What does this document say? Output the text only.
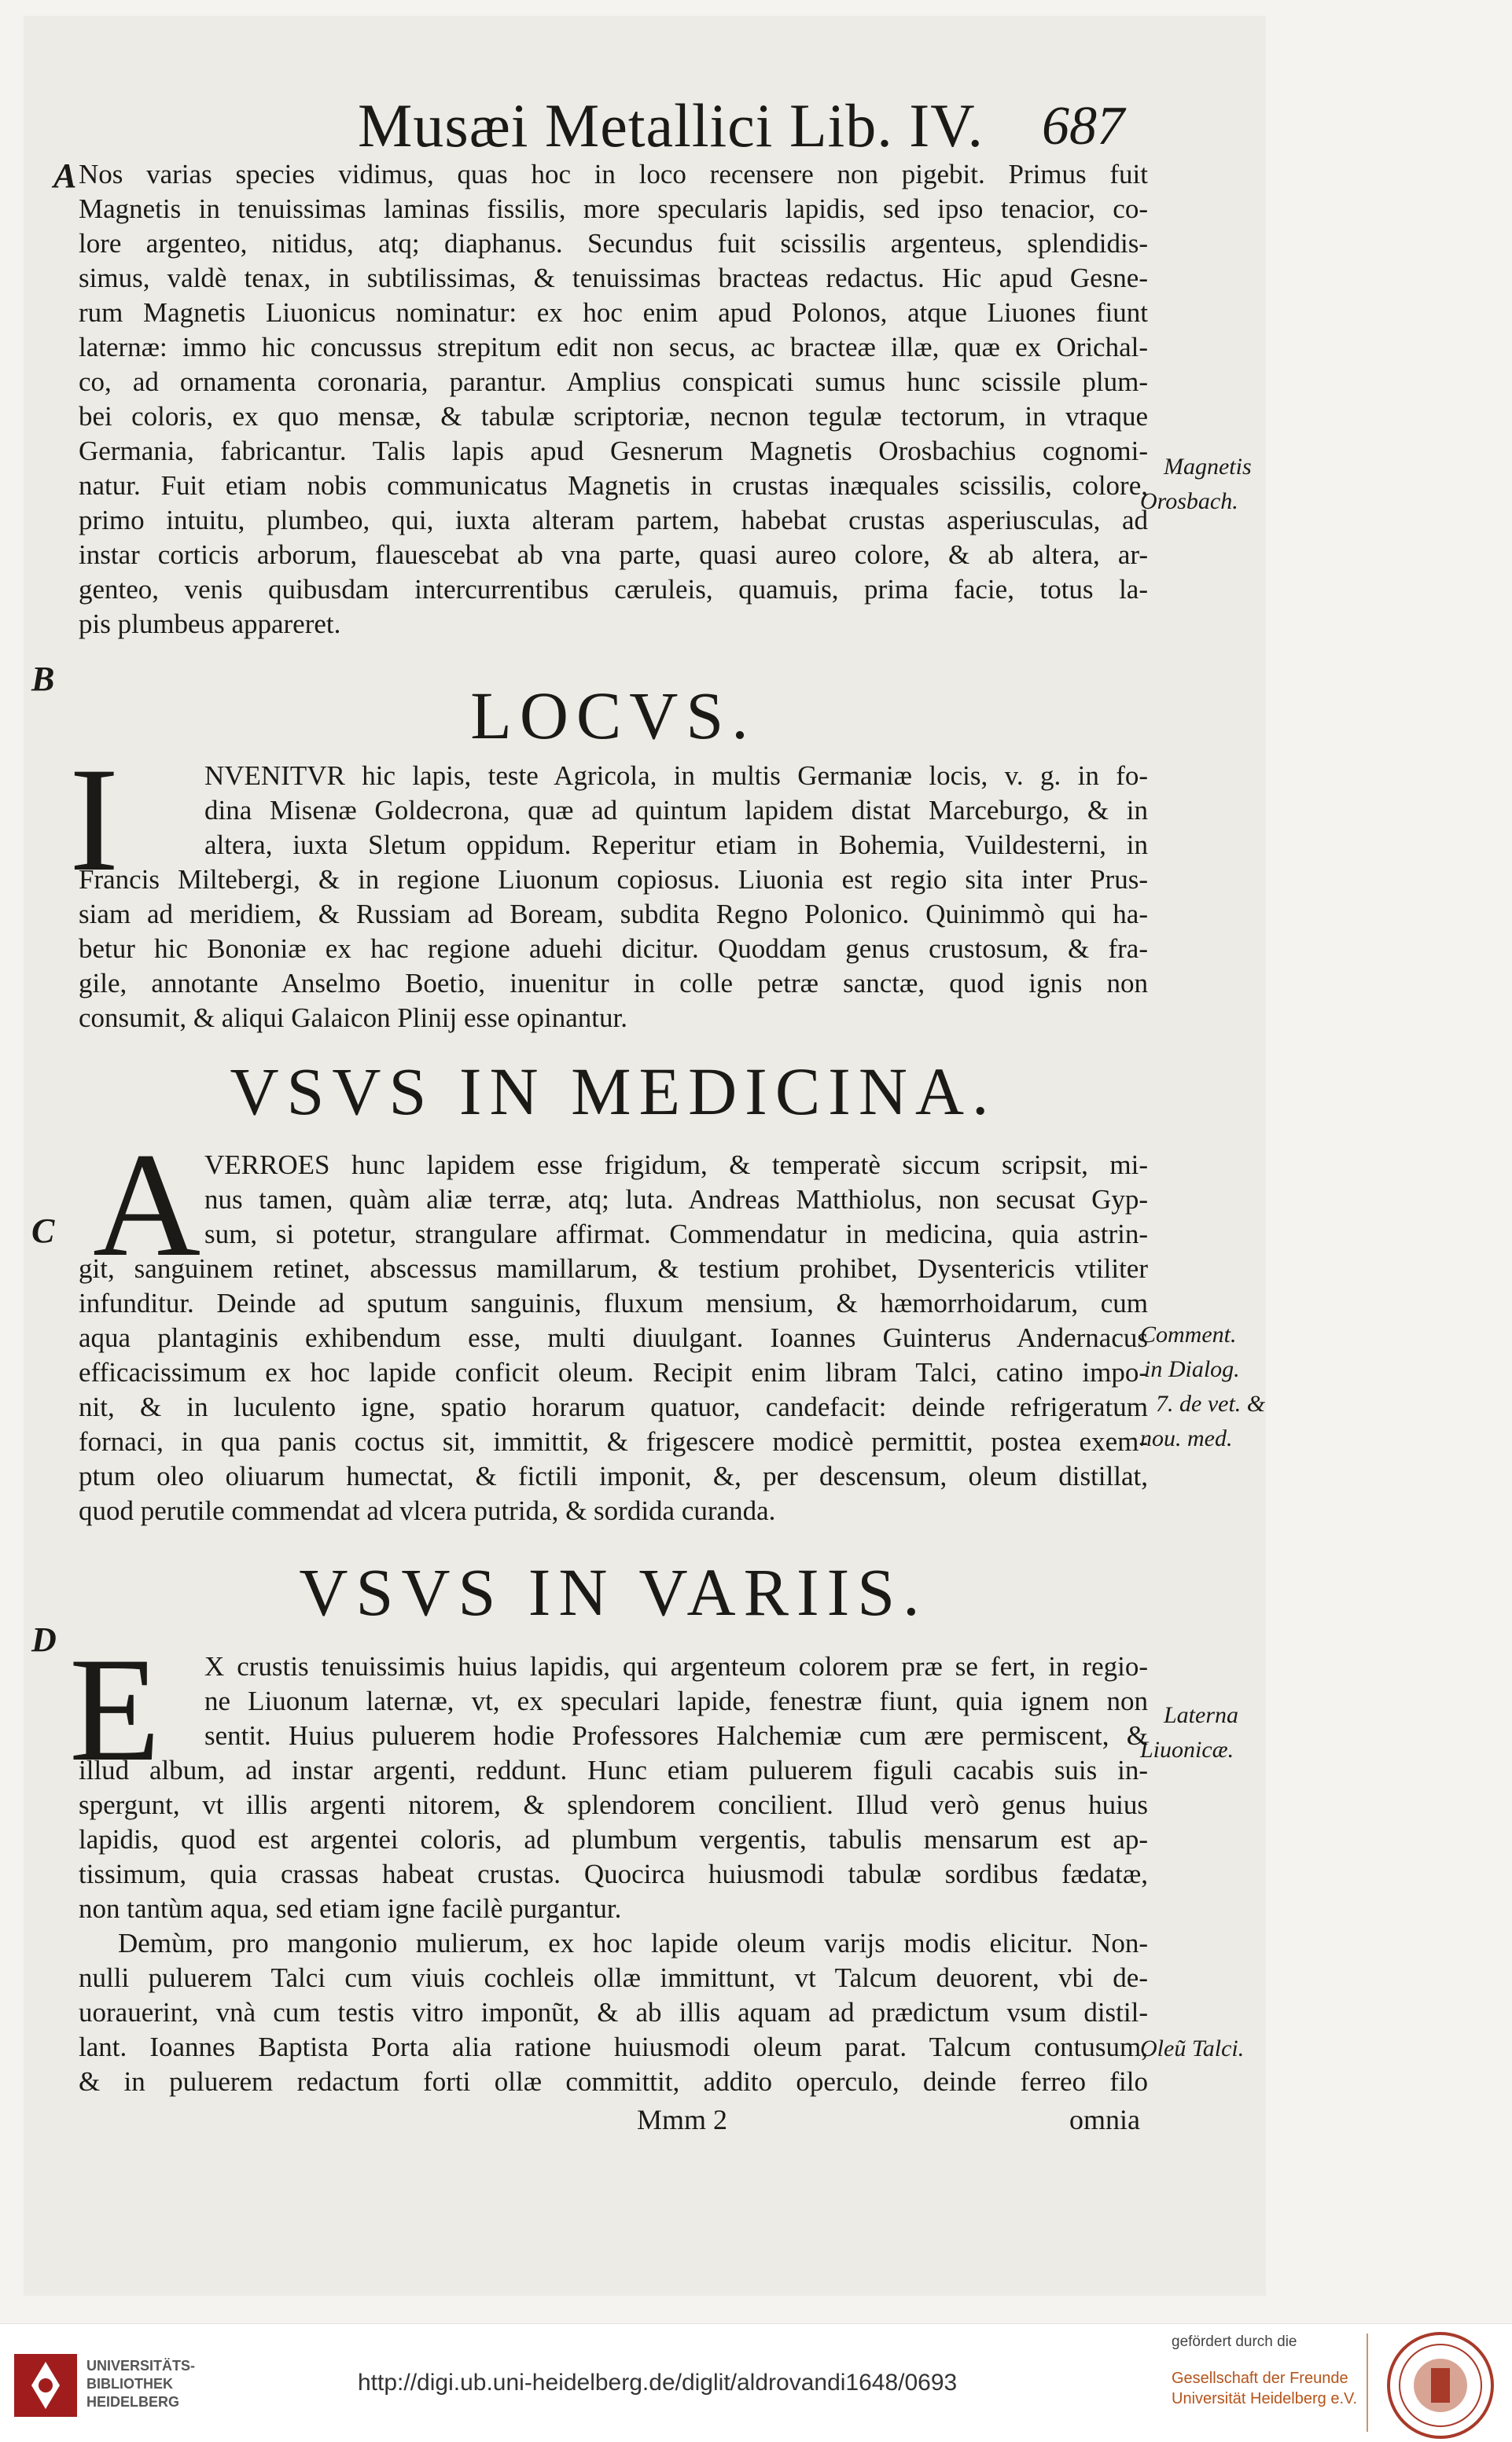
Musæi Metallici Lib. IV. 687
A
B
C
D
Nos varias species vidimus, quas hoc in loco recensere non pigebit. Primus fuit
Magnetis in tenuissimas laminas fissilis, more specularis lapidis, sed ipso tenacior, co-
lore argenteo, nitidus, atq; diaphanus. Secundus fuit scissilis argenteus, splendidis-
simus, valdè tenax, in subtilissimas, & tenuissimas bracteas redactus. Hic apud Gesne-
rum Magnetis Liuonicus nominatur: ex hoc enim apud Polonos, atque Liuones fiunt
laternæ: immo hic concussus strepitum edit non secus, ac bracteæ illæ, quæ ex Orichal-
co, ad ornamenta coronaria, parantur. Amplius conspicati sumus hunc scissile plum-
bei coloris, ex quo mensæ, & tabulæ scriptoriæ, necnon tegulæ tectorum, in vtraque
Germania, fabricantur. Talis lapis apud Gesnerum Magnetis Orosbachius cognomi-
natur. Fuit etiam nobis communicatus Magnetis in crustas inæquales scissilis, colore,
primo intuitu, plumbeo, qui, iuxta alteram partem, habebat crustas asperiusculas, ad
instar corticis arborum, flauescebat ab vna parte, quasi aureo colore, & ab altera, ar-
genteo, venis quibusdam intercurrentibus cæruleis, quamuis, prima facie, totus la-
pis plumbeus appareret.
LOCVS.
I	NVENITVR hic lapis, teste Agricola, in multis Germaniæ locis, v. g. in fo-
dina Misenæ Goldecrona, quæ ad quintum lapidem distat Marceburgo, & in
altera, iuxta Sletum oppidum. Reperitur etiam in Bohemia, Vuildesterni, in
Francis Miltebergi, & in regione Liuonum copiosus. Liuonia est regio sita inter Prus-
siam ad meridiem, & Russiam ad Boream, subdita Regno Polonico. Quinimmò qui ha-
betur hic Bononiæ ex hac regione aduehi dicitur. Quoddam genus crustosum, & fra-
gile, annotante Anselmo Boetio, inuenitur in colle petræ sanctæ, quod ignis non
consumit, & aliqui Galaicon Plinij esse opinantur.
VSVS IN MEDICINA.
A VERROES hunc lapidem esse frigidum, & temperatè siccum scripsit, mi-
nus tamen, quàm aliæ terræ, atq; luta. Andreas Matthiolus, non secusat Gyp-
sum, si potetur, strangulare affirmat. Commendatur in medicina, quia astrin-
git, sanguinem retinet, abscessus mamillarum, & testium prohibet, Dysentericis vtiliter
infunditur. Deinde ad sputum sanguinis, fluxum mensium, & hæmorrhoidarum, cum
aqua plantaginis exhibendum esse, multi diuulgant. Ioannes Guinterus Andernacus
efficacissimum ex hoc lapide conficit oleum. Recipit enim libram Talci, catino impo-
nit, & in luculento igne, spatio horarum quatuor, candefacit: deinde refrigeratum
fornaci, in qua panis coctus sit, immittit, & frigescere modicè permittit, postea exem-
ptum oleo oliuarum humectat, & fictili imponit, &, per descensum, oleum distillat,
quod perutile commendat ad vlcera putrida, & sordida curanda.
VSVS IN VARIIS.
E	X crustis tenuissimis huius lapidis, qui argenteum colorem præ se fert, in regio-
ne Liuonum laternæ, vt, ex speculari lapide, fenestræ fiunt, quia ignem non
sentit. Huius puluerem hodie Professores Halchemiæ cum ære permiscent, &
illud album, ad instar argenti, reddunt. Hunc etiam puluerem figuli cacabis suis in-
spergunt, vt illis argenti nitorem, & splendorem concilient. Illud verò genus huius
lapidis, quod est argentei coloris, ad plumbum vergentis, tabulis mensarum est ap-
tissimum, quia crassas habeat crustas. Quocirca huiusmodi tabulæ sordibus fædatæ,
non tantùm aqua, sed etiam igne facilè purgantur.
Demùm, pro mangonio mulierum, ex hoc lapide oleum varijs modis elicitur. Non-
nulli puluerem Talci cum viuis cochleis ollæ immittunt, vt Talcum deuorent, vbi de-
uorauerint, vnà cum testis vitro imponũt, & ab illis aquam ad prædictum vsum distil-
lant. Ioannes Baptista Porta alia ratione huiusmodi oleum parat. Talcum contusum,
& in puluerem redactum forti ollæ committit, addito operculo, deinde ferreo filo
Magnetis
Orosbach.
Comment.
in Dialog.
7. de vet. &
nou. med.
Laterna
Liuonicæ.
Oleũ Talci.
Mmm 2	omnia
UNIVERSITÄTS-
BIBLIOTHEK
HEIDELBERG
http://digi.ub.uni-heidelberg.de/diglit/aldrovandi1648/0693
gefördert durch die
Gesellschaft der Freunde
Universität Heidelberg e.V.
